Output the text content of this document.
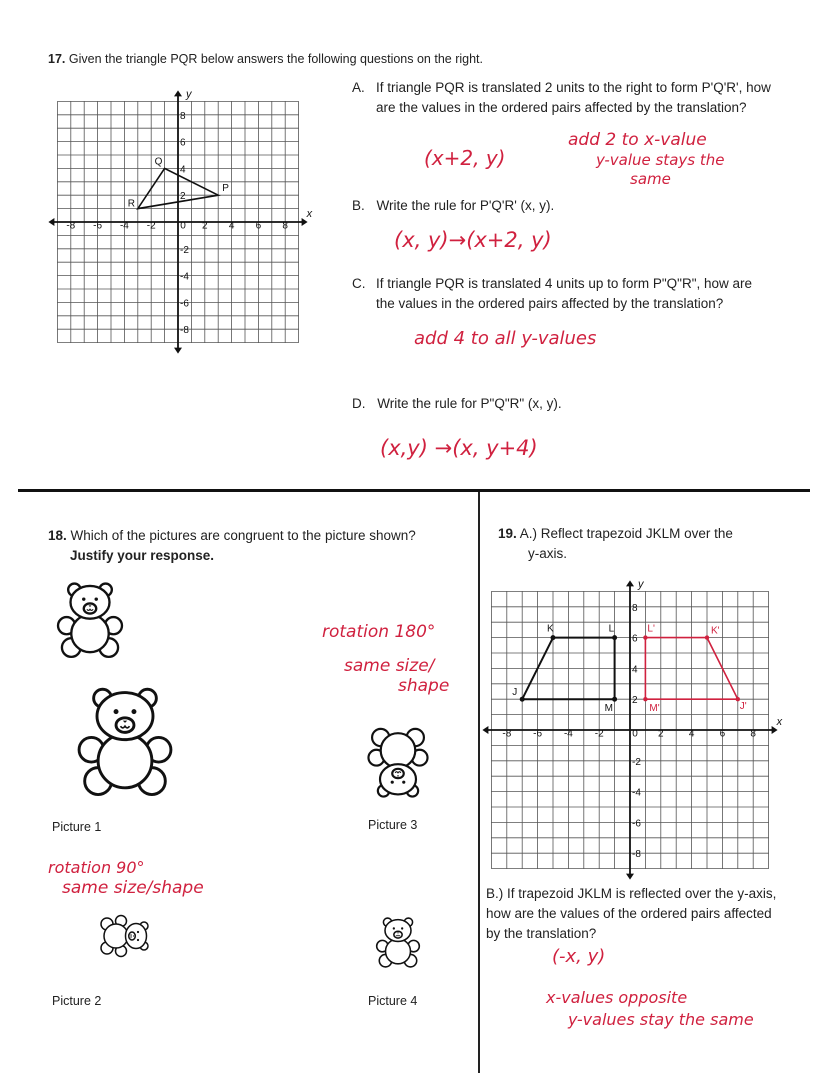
17. Given the triangle PQR below answers the following questions on the right.
y
x
-8 -6 -4 -2 0 2 4 6 8
8
6
4
2
-2
-4
-6
-8
P
Q
R
A. If triangle PQR is translated 2 units to the right to form P'Q'R', how are the values in the ordered pairs affected by the translation?
(x+2, y)
add 2 to x-value
y-value stays the
same
B. Write the rule for P'Q'R' (x, y).
(x, y)→(x+2, y)
C. If triangle PQR is translated 4 units up to form P"Q"R", how are the values in the ordered pairs affected by the translation?
add 4 to all y-values
D. Write the rule for P"Q"R" (x, y).
(x,y) →(x, y+4)
18. Which of the pictures are congruent to the picture shown?
Justify your response.
Picture 1	Picture 3
Picture 2	Picture 4
rotation 180°
same size/
shape
rotation 90°
same size/shape
19. A.) Reflect trapezoid JKLM over the
y-axis.
y
x
-8 -6 -4 -2	0 2	4	6	8
8
6
4
2
-2
-4
-6
-8
J
K	L
M	J'
K'
L'
M'
B.) If trapezoid JKLM is reflected over the y-axis, how are the values of the ordered pairs affected by the translation?
(-x, y)
x-values opposite
y-values stay the same
